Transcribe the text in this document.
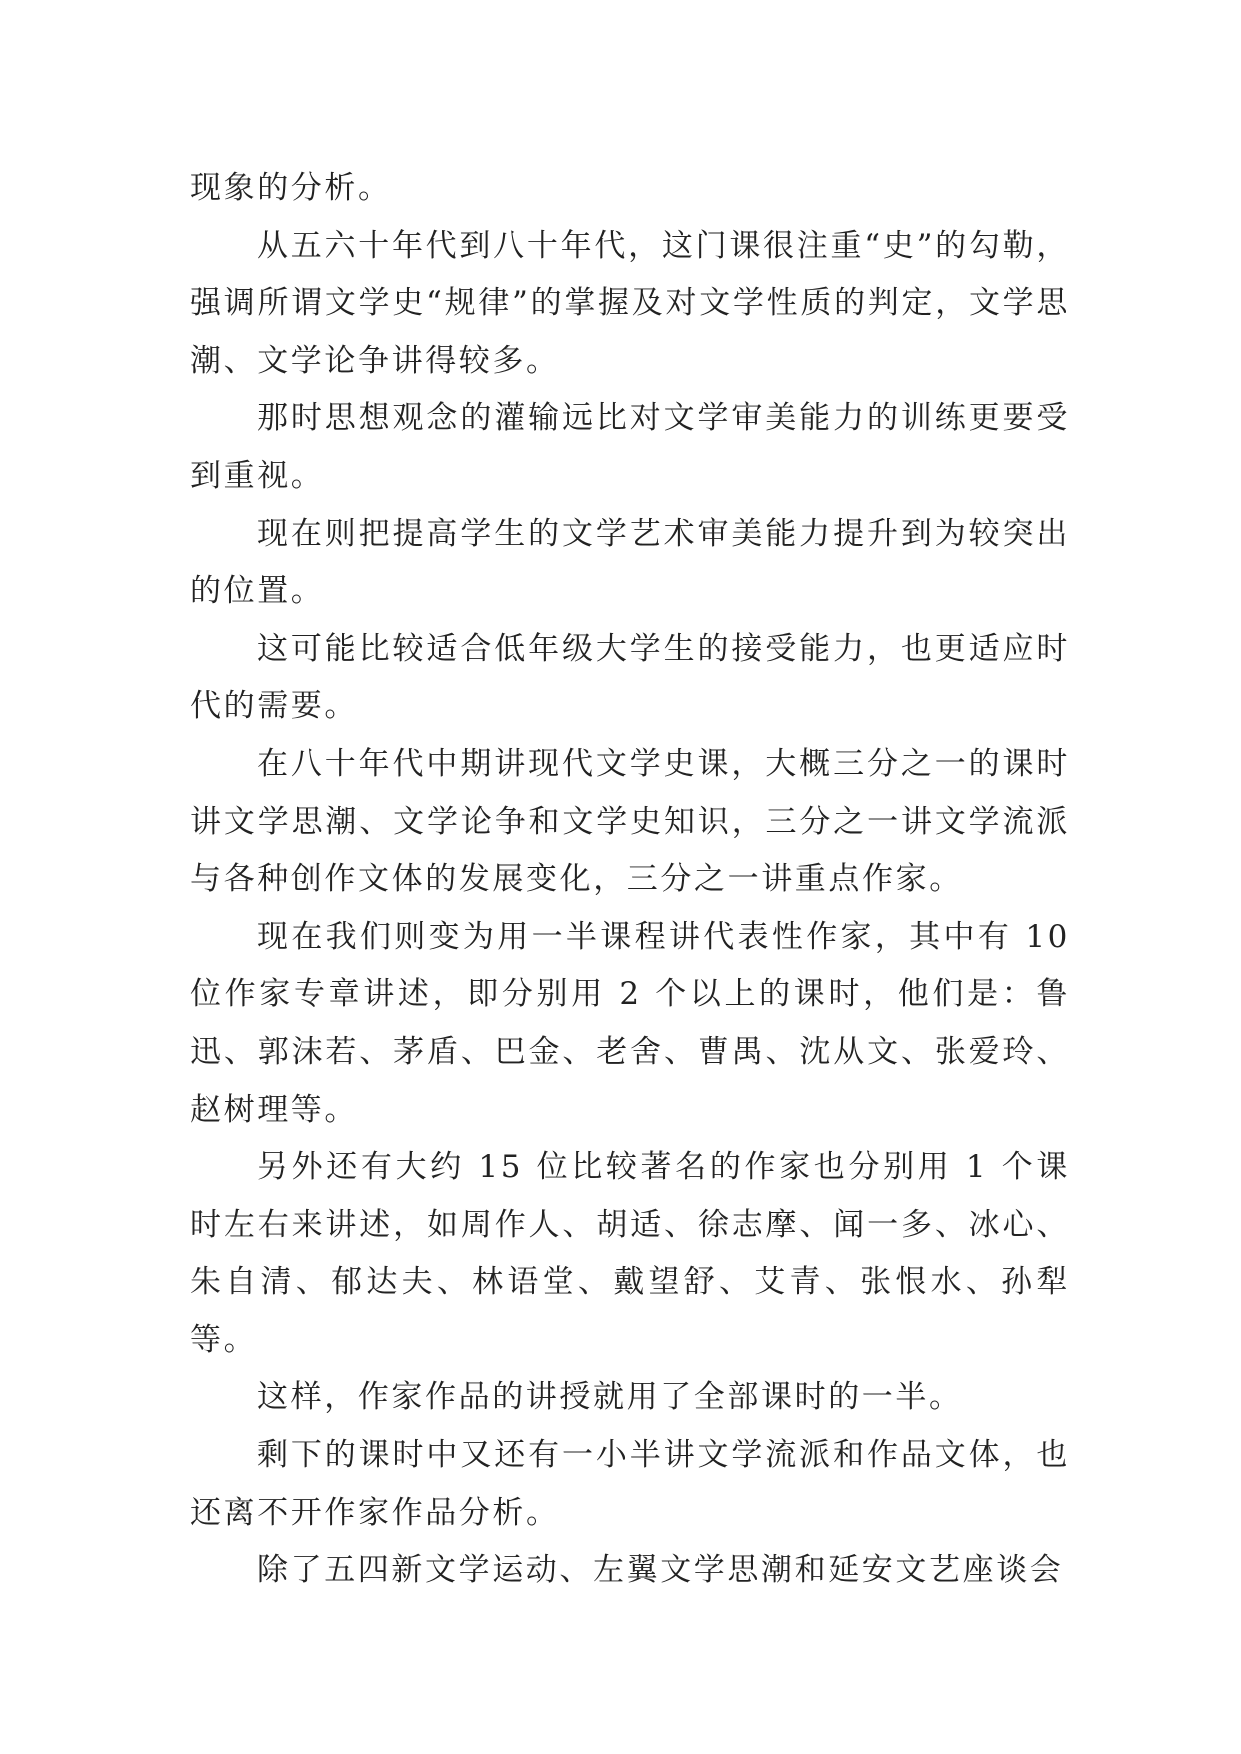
现象的分析。

从五六十年代到八十年代，这门课很注重“史”的勾勒，强调所谓文学史“规律”的掌握及对文学性质的判定，文学思潮、文学论争讲得较多。

那时思想观念的灌输远比对文学审美能力的训练更要受到重视。

现在则把提高学生的文学艺术审美能力提升到为较突出的位置。

这可能比较适合低年级大学生的接受能力，也更适应时代的需要。

在八十年代中期讲现代文学史课，大概三分之一的课时讲文学思潮、文学论争和文学史知识，三分之一讲文学流派与各种创作文体的发展变化，三分之一讲重点作家。

现在我们则变为用一半课程讲代表性作家，其中有 10 位作家专章讲述，即分别用 2 个以上的课时，他们是：鲁迅、郭沫若、茅盾、巴金、老舍、曹禺、沈从文、张爱玲、赵树理等。

另外还有大约 15 位比较著名的作家也分别用 1 个课时左右来讲述，如周作人、胡适、徐志摩、闻一多、冰心、朱自清、郁达夫、林语堂、戴望舒、艾青、张恨水、孙犁等。

这样，作家作品的讲授就用了全部课时的一半。

剩下的课时中又还有一小半讲文学流派和作品文体，也还离不开作家作品分析。

除了五四新文学运动、左翼文学思潮和延安文艺座谈会
